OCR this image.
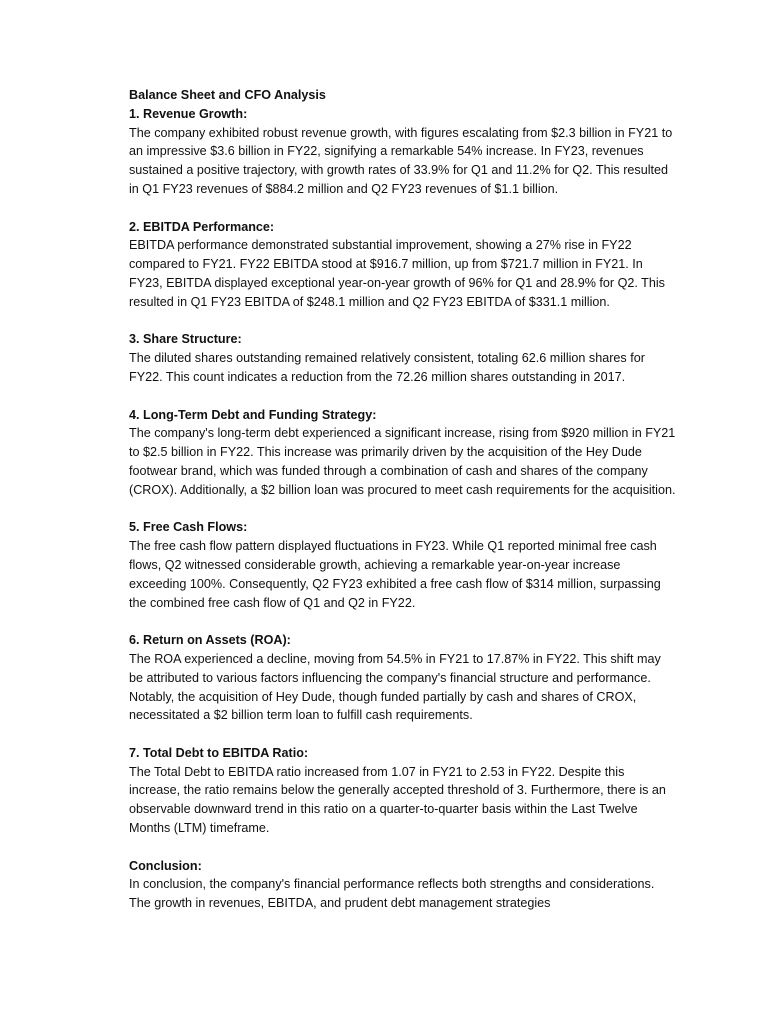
Balance Sheet and CFO Analysis

1. Revenue Growth:

The company exhibited robust revenue growth, with figures escalating from $2.3 billion in FY21 to an impressive $3.6 billion in FY22, signifying a remarkable 54% increase. In FY23, revenues sustained a positive trajectory, with growth rates of 33.9% for Q1 and 11.2% for Q2. This resulted in Q1 FY23 revenues of $884.2 million and Q2 FY23 revenues of $1.1 billion.

2. EBITDA Performance:

EBITDA performance demonstrated substantial improvement, showing a 27% rise in FY22 compared to FY21. FY22 EBITDA stood at $916.7 million, up from $721.7 million in FY21. In FY23, EBITDA displayed exceptional year-on-year growth of 96% for Q1 and 28.9% for Q2. This resulted in Q1 FY23 EBITDA of $248.1 million and Q2 FY23 EBITDA of $331.1 million.

3. Share Structure:

The diluted shares outstanding remained relatively consistent, totaling 62.6 million shares for FY22. This count indicates a reduction from the 72.26 million shares outstanding in 2017.

4. Long-Term Debt and Funding Strategy:

The company's long-term debt experienced a significant increase, rising from $920 million in FY21 to $2.5 billion in FY22. This increase was primarily driven by the acquisition of the Hey Dude footwear brand, which was funded through a combination of cash and shares of the company (CROX). Additionally, a $2 billion loan was procured to meet cash requirements for the acquisition.

5. Free Cash Flows:

The free cash flow pattern displayed fluctuations in FY23. While Q1 reported minimal free cash flows, Q2 witnessed considerable growth, achieving a remarkable year-on-year increase exceeding 100%. Consequently, Q2 FY23 exhibited a free cash flow of $314 million, surpassing the combined free cash flow of Q1 and Q2 in FY22.

6. Return on Assets (ROA):

The ROA experienced a decline, moving from 54.5% in FY21 to 17.87% in FY22. This shift may be attributed to various factors influencing the company's financial structure and performance. Notably, the acquisition of Hey Dude, though funded partially by cash and shares of CROX, necessitated a $2 billion term loan to fulfill cash requirements.

7. Total Debt to EBITDA Ratio:

The Total Debt to EBITDA ratio increased from 1.07 in FY21 to 2.53 in FY22. Despite this increase, the ratio remains below the generally accepted threshold of 3. Furthermore, there is an observable downward trend in this ratio on a quarter-to-quarter basis within the Last Twelve Months (LTM) timeframe.

Conclusion:

In conclusion, the company's financial performance reflects both strengths and considerations. The growth in revenues, EBITDA, and prudent debt management strategies
